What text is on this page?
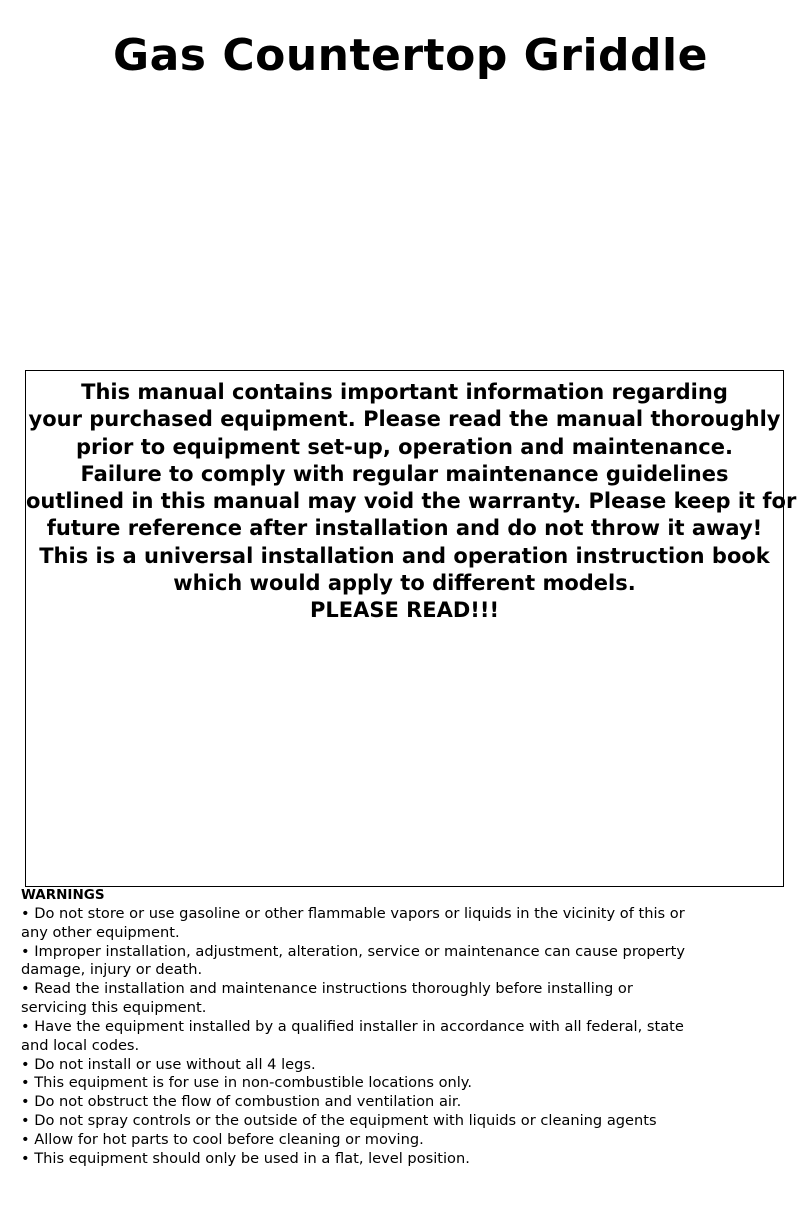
Gas Countertop Griddle
This manual contains important information regarding
your purchased equipment. Please read the manual thoroughly
prior to equipment set-up, operation and maintenance.
Failure to comply with regular maintenance guidelines
outlined in this manual may void the warranty. Please keep it for
future reference after installation and do not throw it away!
This is a universal installation and operation instruction book
which would apply to different models.
PLEASE READ!!!
WARNINGS
• Do not store or use gasoline or other flammable vapors or liquids in the vicinity of this or
any other equipment.
• Improper installation, adjustment, alteration, service or maintenance can cause property
damage, injury or death.
• Read the installation and maintenance instructions thoroughly before installing or
servicing this equipment.
• Have the equipment installed by a qualified installer in accordance with all federal, state
and local codes.
• Do not install or use without all 4 legs.
• This equipment is for use in non-combustible locations only.
• Do not obstruct the flow of combustion and ventilation air.
• Do not spray controls or the outside of the equipment with liquids or cleaning agents
• Allow for hot parts to cool before cleaning or moving.
• This equipment should only be used in a flat, level position.
